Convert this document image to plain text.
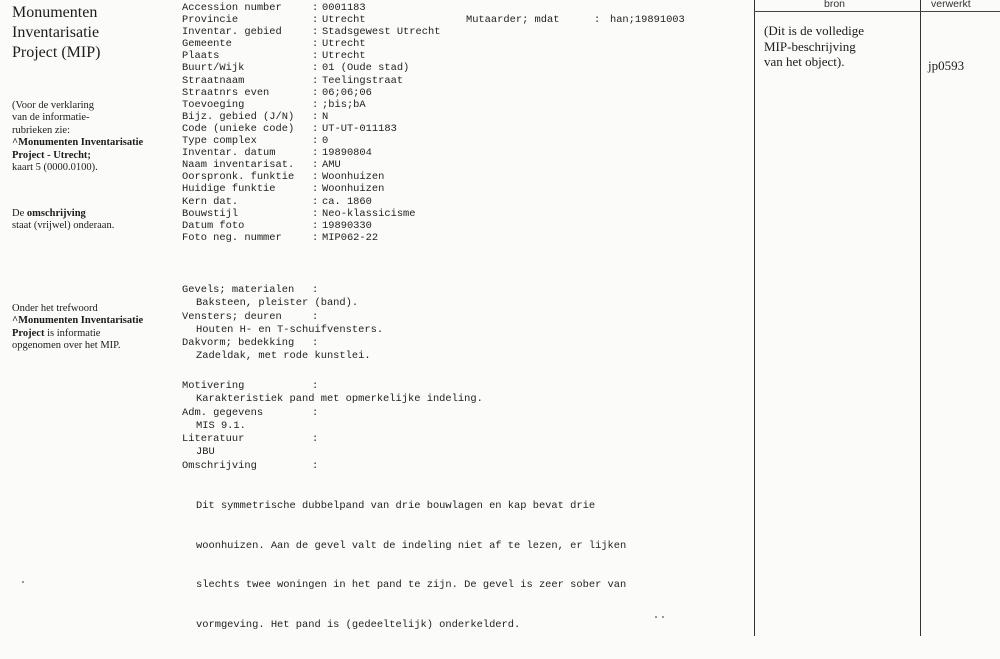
Monumenten
Inventarisatie
Project (MIP)
(Voor de verklaring
van de informatie-
rubrieken zie:
^Monumenten Inventarisatie
Project - Utrecht;
kaart 5 (0000.0100).
De omschrijving
staat (vrijwel) onderaan.
Onder het trefwoord
^Monumenten Inventarisatie
Project is informatie
opgenomen over het MIP.

Mutaarder; mdat	: han;19891003

Accession number	: 0001183
Provincie	: Utrecht
Inventar. gebied	: Stadsgewest Utrecht
Gemeente	: Utrecht
Plaats	: Utrecht
Buurt/Wijk	: 01 (Oude stad)
Straatnaam	: Teelingstraat
Straatnrs even	: 06;06;06
Toevoeging	: ;bis;bA
Bijz. gebied (J/N)	: N
Code (unieke code)	: UT-UT-011183
Type complex	: 0
Inventar. datum	: 19890804
Naam inventarisat.	: AMU
Oorspronk. funktie	: Woonhuizen
Huidige funktie	: Woonhuizen
Kern dat.	: ca. 1860
Bouwstijl	: Neo-klassicisme
Datum foto	: 19890330
Foto neg. nummer	: MIP062-22
Gevels; materialen	:
Baksteen, pleister (band).
Vensters; deuren	:
Houten H- en T-schuifvensters.
Dakvorm; bedekking	:
Zadeldak, met rode kunstlei.
Motivering	:
Karakteristiek pand met opmerkelijke indeling.
Adm. gegevens	:
MIS 9.1.
Literatuur	:
JBU
Omschrijving	:

Dit symmetrische dubbelpand van drie bouwlagen en kap bevat drie

woonhuizen. Aan de gevel valt de indeling niet af te lezen, er lijken

slechts twee woningen in het pand te zijn. De gevel is zeer sober van

vormgeving. Het pand is (gedeeltelijk) onderkelderd.

bron	verwerkt
(Dit is de volledige
MIP-beschrijving
van het object).	jp0593
